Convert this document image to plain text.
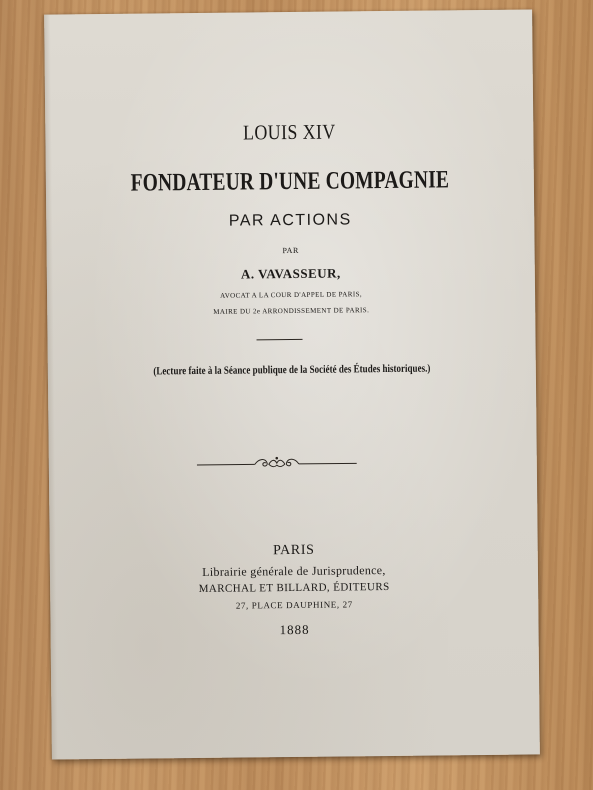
LOUIS XIV
FONDATEUR D'UNE COMPAGNIE
PAR ACTIONS
PAR
A. VAVASSEUR,
AVOCAT A LA COUR D'APPEL DE PARIS,
MAIRE DU 2e ARRONDISSEMENT DE PARIS.
(Lecture faite à la Séance publique de la Société des Études historiques.)
PARIS
Librairie générale de Jurisprudence,
MARCHAL ET BILLARD, ÉDITEURS
27, PLACE DAUPHINE, 27
1888
